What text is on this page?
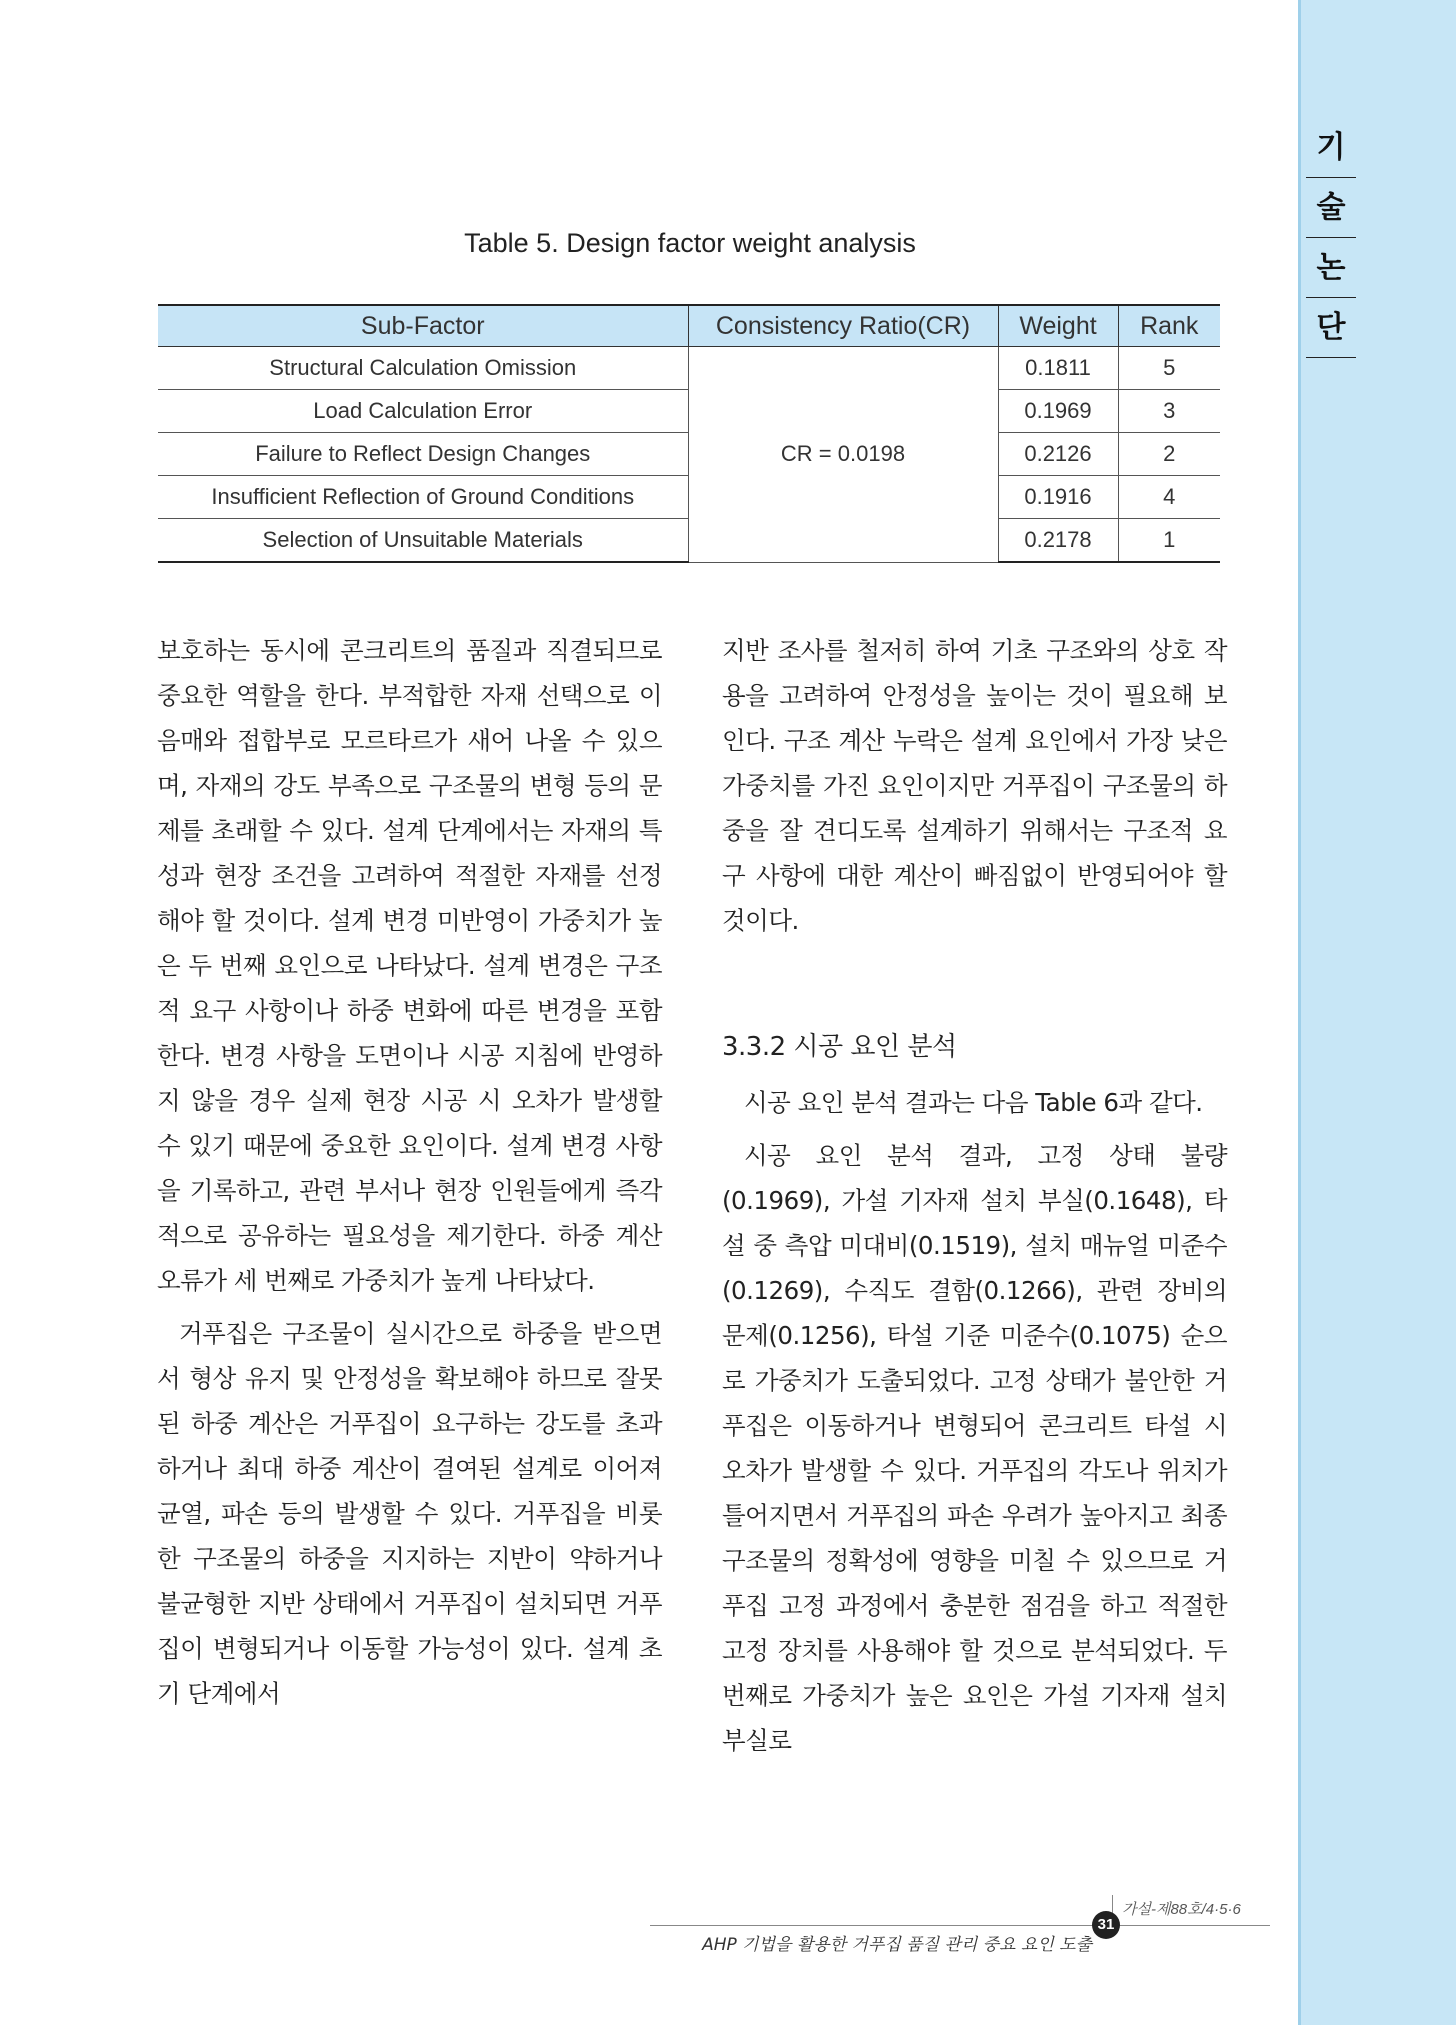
기
술
논
단
Table 5. Design factor weight analysis
Sub-Factor	Consistency Ratio(CR)	Weight	Rank
Structural Calculation Omission	CR = 0.0198	0.1811	5
Load Calculation Error		0.1969	3
Failure to Reflect Design Changes		0.2126	2
Insufficient Reflection of Ground Conditions		0.1916	4
Selection of Unsuitable Materials		0.2178	1

보호하는 동시에 콘크리트의 품질과 직결되므로 중요한 역할을 한다. 부적합한 자재 선택으로 이음매와 접합부로 모르타르가 새어 나올 수 있으며, 자재의 강도 부족으로 구조물의 변형 등의 문제를 초래할 수 있다. 설계 단계에서는 자재의 특성과 현장 조건을 고려하여 적절한 자재를 선정해야 할 것이다. 설계 변경 미반영이 가중치가 높은 두 번째 요인으로 나타났다. 설계 변경은 구조적 요구 사항이나 하중 변화에 따른 변경을 포함한다. 변경 사항을 도면이나 시공 지침에 반영하지 않을 경우 실제 현장 시공 시 오차가 발생할 수 있기 때문에 중요한 요인이다. 설계 변경 사항을 기록하고, 관련 부서나 현장 인원들에게 즉각적으로 공유하는 필요성을 제기한다. 하중 계산 오류가 세 번째로 가중치가 높게 나타났다.

거푸집은 구조물이 실시간으로 하중을 받으면서 형상 유지 및 안정성을 확보해야 하므로 잘못된 하중 계산은 거푸집이 요구하는 강도를 초과하거나 최대 하중 계산이 결여된 설계로 이어져 균열, 파손 등의 발생할 수 있다. 거푸집을 비롯한 구조물의 하중을 지지하는 지반이 약하거나 불균형한 지반 상태에서 거푸집이 설치되면 거푸집이 변형되거나 이동할 가능성이 있다. 설계 초기 단계에서

지반 조사를 철저히 하여 기초 구조와의 상호 작용을 고려하여 안정성을 높이는 것이 필요해 보인다. 구조 계산 누락은 설계 요인에서 가장 낮은 가중치를 가진 요인이지만 거푸집이 구조물의 하중을 잘 견디도록 설계하기 위해서는 구조적 요구 사항에 대한 계산이 빠짐없이 반영되어야 할 것이다.

3.3.2 시공 요인 분석

시공 요인 분석 결과는 다음 Table 6과 같다.

시공 요인 분석 결과, 고정 상태 불량(0.1969), 가설 기자재 설치 부실(0.1648), 타설 중 측압 미대비(0.1519), 설치 매뉴얼 미준수(0.1269), 수직도 결함(0.1266), 관련 장비의 문제(0.1256), 타설 기준 미준수(0.1075) 순으로 가중치가 도출되었다. 고정 상태가 불안한 거푸집은 이동하거나 변형되어 콘크리트 타설 시 오차가 발생할 수 있다. 거푸집의 각도나 위치가 틀어지면서 거푸집의 파손 우려가 높아지고 최종 구조물의 정확성에 영향을 미칠 수 있으므로 거푸집 고정 과정에서 충분한 점검을 하고 적절한 고정 장치를 사용해야 할 것으로 분석되었다. 두 번째로 가중치가 높은 요인은 가설 기자재 설치 부실로

가설-제88호/4·5·6
31
AHP 기법을 활용한 거푸집 품질 관리 중요 요인 도출
